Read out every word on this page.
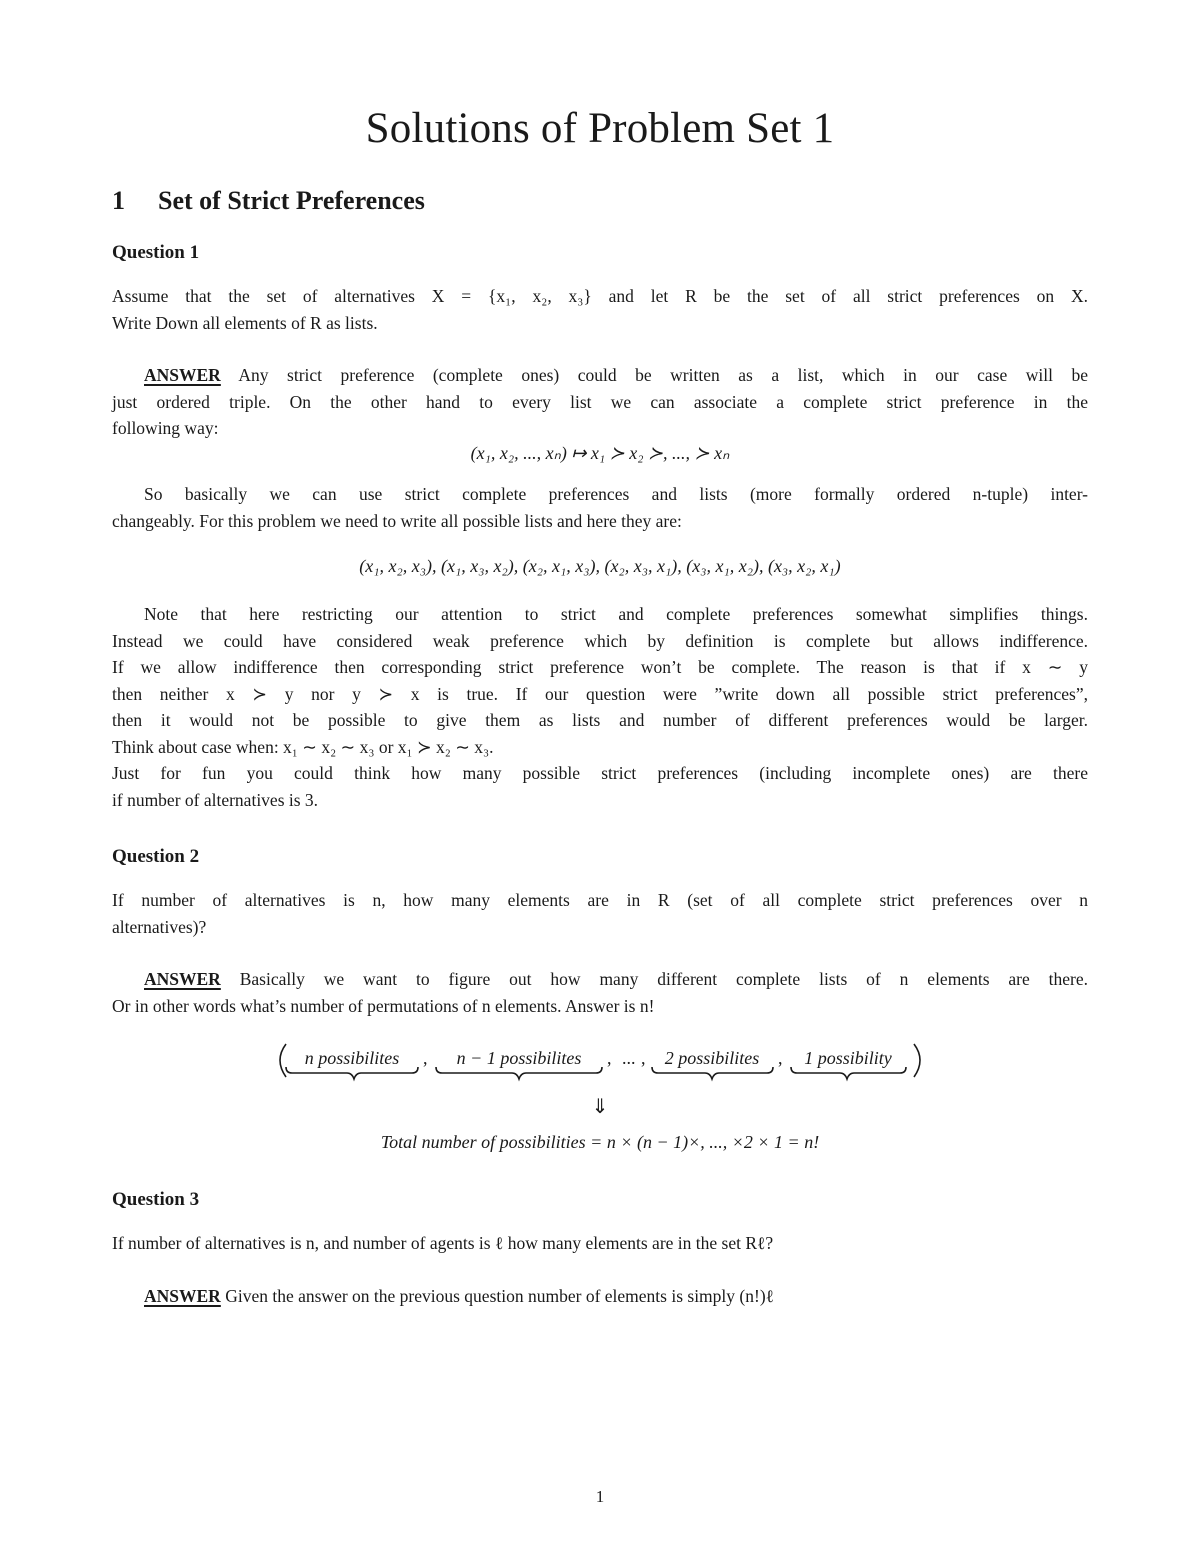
Solutions of Problem Set 1
1 Set of Strict Preferences
Question 1
Assume that the set of alternatives X = {x₁, x₂, x₃} and let R be the set of all strict preferences on X.
Write Down all elements of R as lists.
ANSWER Any strict preference (complete ones) could be written as a list, which in our case will be
just ordered triple. On the other hand to every list we can associate a complete strict preference in the
following way:
(x₁, x₂, ..., xₙ) ↦ x₁ ≻ x₂ ≻, ..., ≻ xₙ
So basically we can use strict complete preferences and lists (more formally ordered n-tuple) inter-
changeably. For this problem we need to write all possible lists and here they are:
(x₁, x₂, x₃), (x₁, x₃, x₂), (x₂, x₁, x₃), (x₂, x₃, x₁), (x₃, x₁, x₂), (x₃, x₂, x₁)
Note that here restricting our attention to strict and complete preferences somewhat simplifies things.
Instead we could have considered weak preference which by definition is complete but allows indifference.
If we allow indifference then corresponding strict preference won’t be complete. The reason is that if x ∼ y
then neither x ≻ y nor y ≻ x is true. If our question were ”write down all possible strict preferences”,
then it would not be possible to give them as lists and number of different preferences would be larger.
Think about case when: x₁ ∼ x₂ ∼ x₃ or x₁ ≻ x₂ ∼ x₃.
Just for fun you could think how many possible strict preferences (including incomplete ones) are there
if number of alternatives is 3.
Question 2
If number of alternatives is n, how many elements are in R (set of all complete strict preferences over n
alternatives)?
ANSWER Basically we want to figure out how many different complete lists of n elements are there.
Or in other words what’s number of permutations of n elements. Answer is n!
n possibilites	n − 1 possibilites	2 possibilites 1 possibility
,	, ... ,	,
⇓
Total number of possibilities = n × (n − 1)×, ..., ×2 × 1 = n!
Question 3
If number of alternatives is n, and number of agents is ℓ how many elements are in the set Rℓ?
ANSWER Given the answer on the previous question number of elements is simply (n!)ℓ
1
